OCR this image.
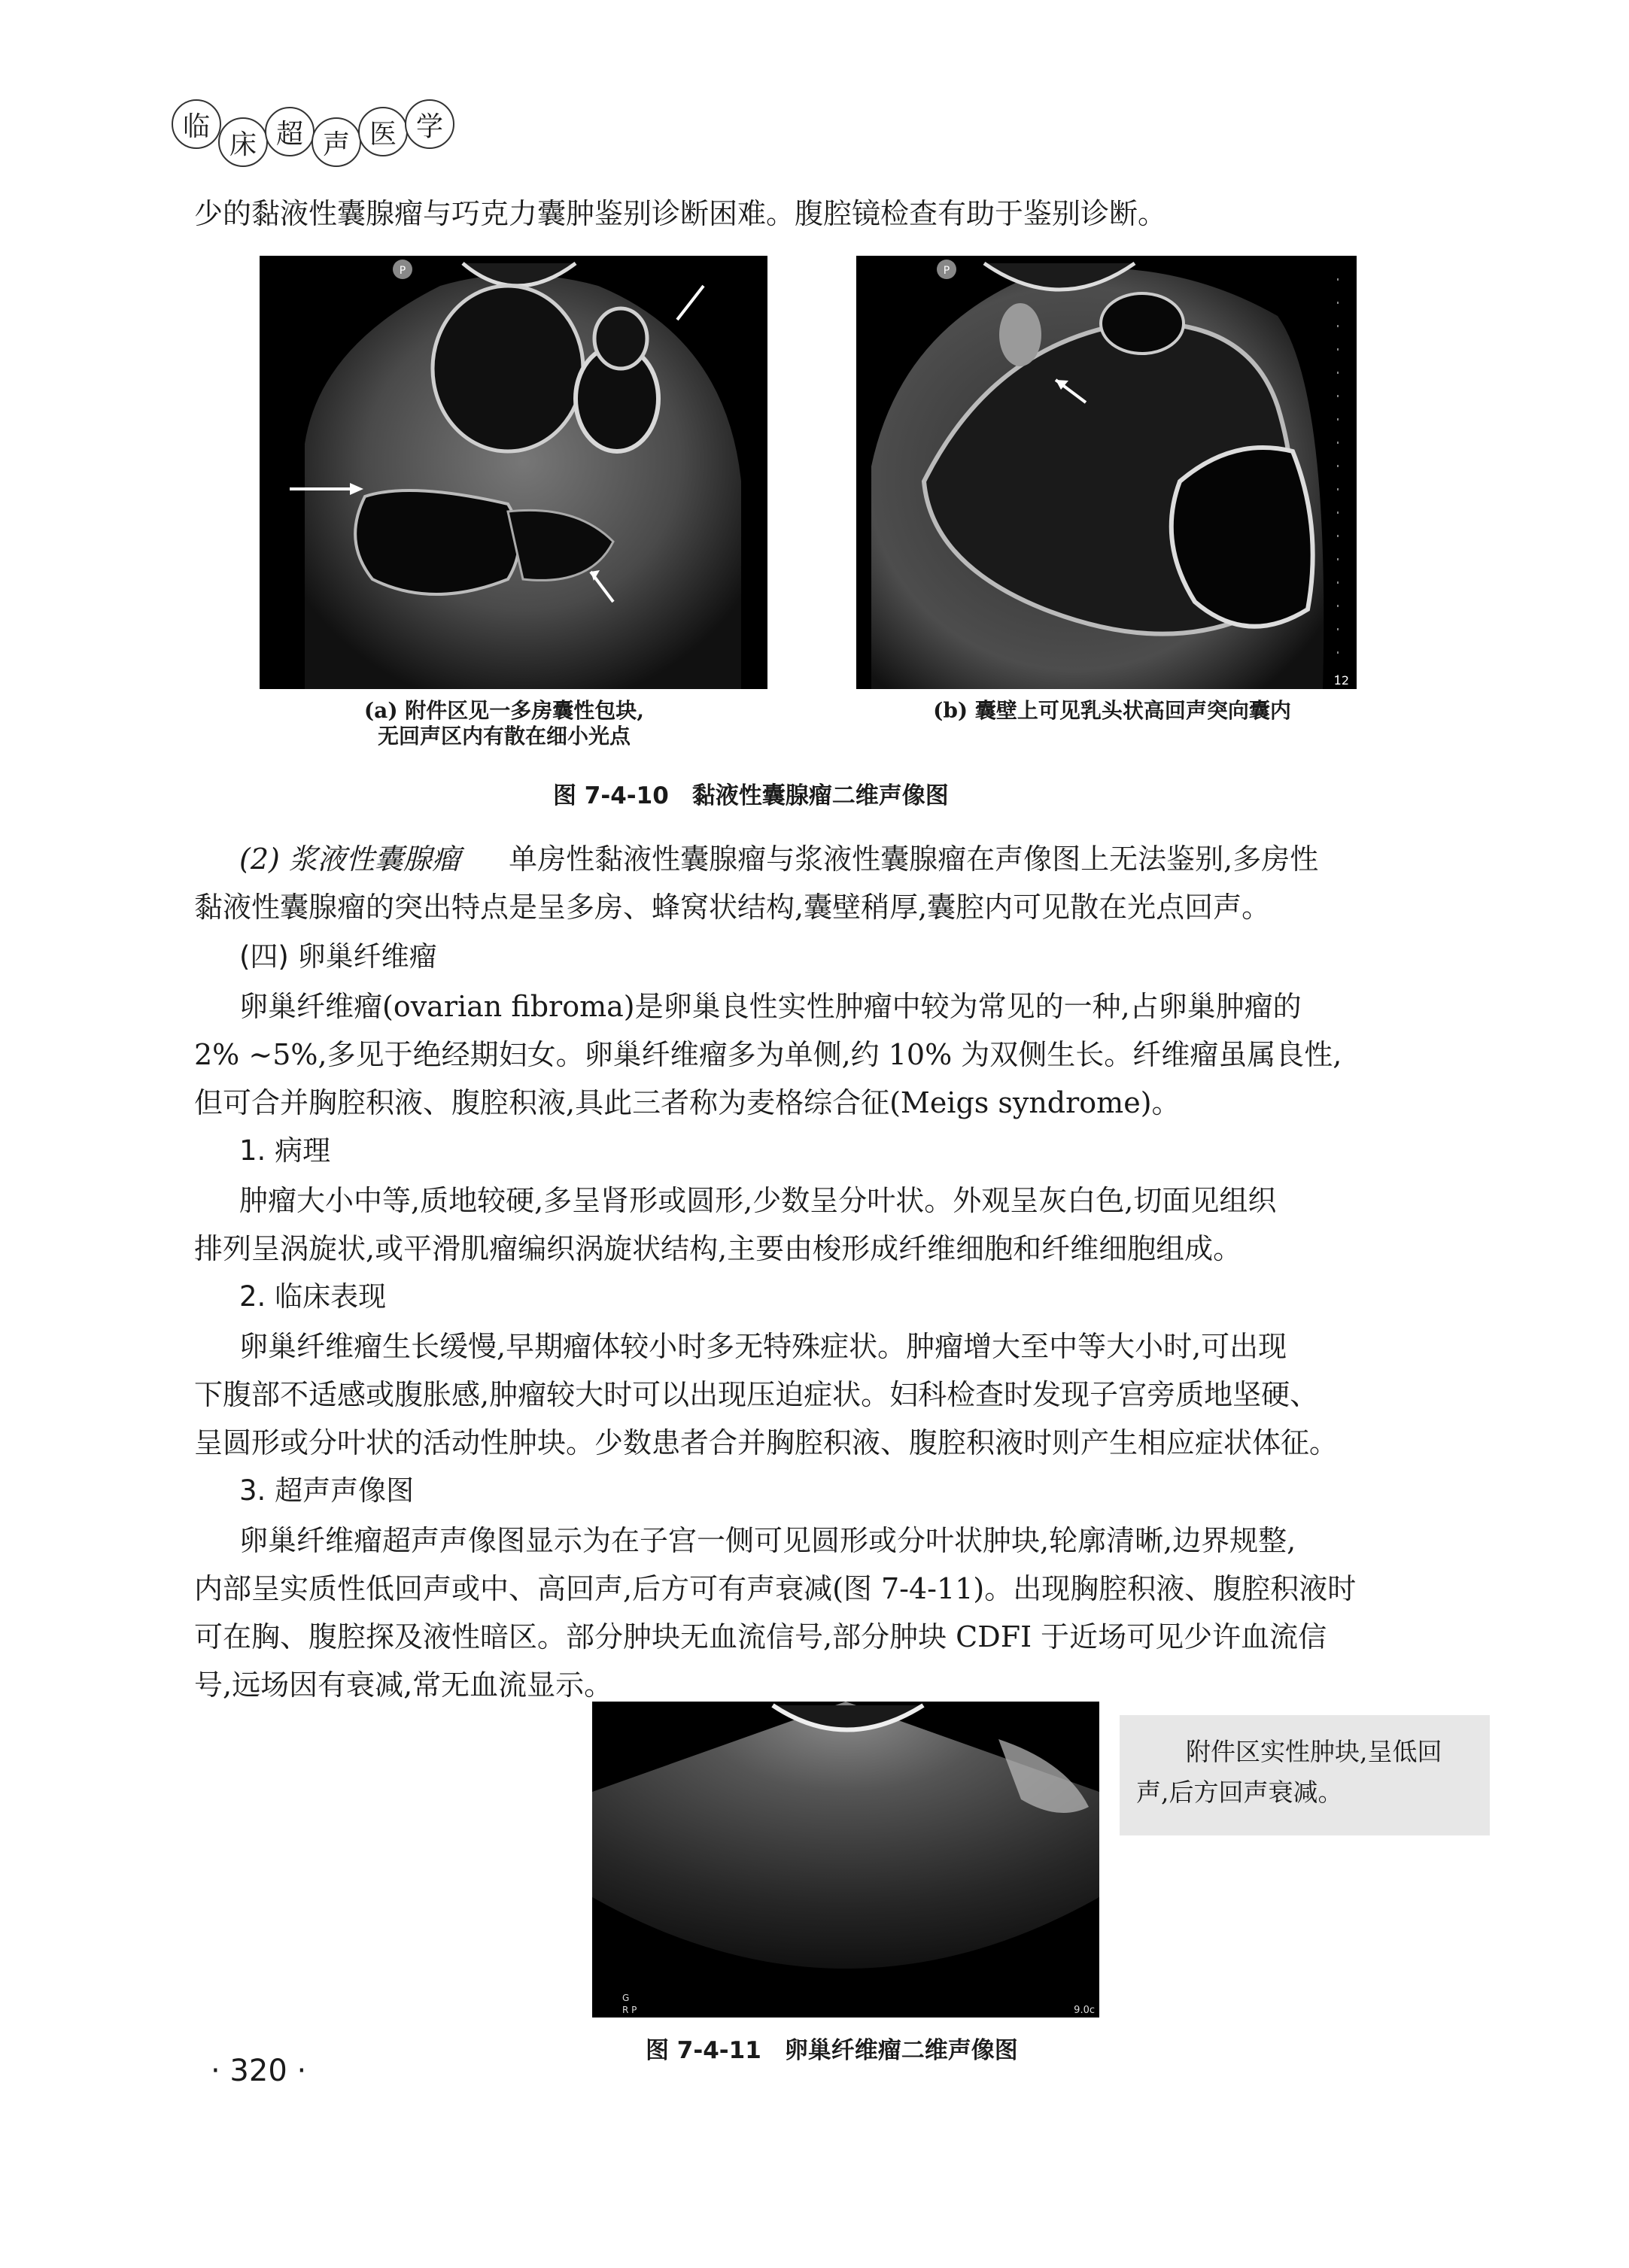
临
床 超 声 医 学
少的黏液性囊腺瘤与巧克力囊肿鉴别诊断困难。腹腔镜检查有助于鉴别诊断。
P	P
12
(a) 附件区见一多房囊性包块,
无回声区内有散在细小光点
(b) 囊壁上可见乳头状高回声突向囊内
图 7-4-10　黏液性囊腺瘤二维声像图
(2) 浆液性囊腺瘤 单房性黏液性囊腺瘤与浆液性囊腺瘤在声像图上无法鉴别,多房性
黏液性囊腺瘤的突出特点是呈多房、蜂窝状结构,囊壁稍厚,囊腔内可见散在光点回声。
(四) 卵巢纤维瘤
卵巢纤维瘤(ovarian fibroma)是卵巢良性实性肿瘤中较为常见的一种,占卵巢肿瘤的
2% ~5%,多见于绝经期妇女。卵巢纤维瘤多为单侧,约 10% 为双侧生长。纤维瘤虽属良性,
但可合并胸腔积液、腹腔积液,具此三者称为麦格综合征(Meigs syndrome)。
1. 病理
肿瘤大小中等,质地较硬,多呈肾形或圆形,少数呈分叶状。外观呈灰白色,切面见组织
排列呈涡旋状,或平滑肌瘤编织涡旋状结构,主要由梭形成纤维细胞和纤维细胞组成。
2. 临床表现
卵巢纤维瘤生长缓慢,早期瘤体较小时多无特殊症状。肿瘤增大至中等大小时,可出现
下腹部不适感或腹胀感,肿瘤较大时可以出现压迫症状。妇科检查时发现子宫旁质地坚硬、
呈圆形或分叶状的活动性肿块。少数患者合并胸腔积液、腹腔积液时则产生相应症状体征。
3. 超声声像图
卵巢纤维瘤超声声像图显示为在子宫一侧可见圆形或分叶状肿块,轮廓清晰,边界规整,
内部呈实质性低回声或中、高回声,后方可有声衰减(图 7-4-11)。出现胸腔积液、腹腔积液时
可在胸、腹腔探及液性暗区。部分肿块无血流信号,部分肿块 CDFI 于近场可见少许血流信
号,远场因有衰减,常无血流显示。
G
R P	9.0c
附件区实性肿块,呈低回
声,后方回声衰减。
图 7-4-11　卵巢纤维瘤二维声像图
· 320 ·
